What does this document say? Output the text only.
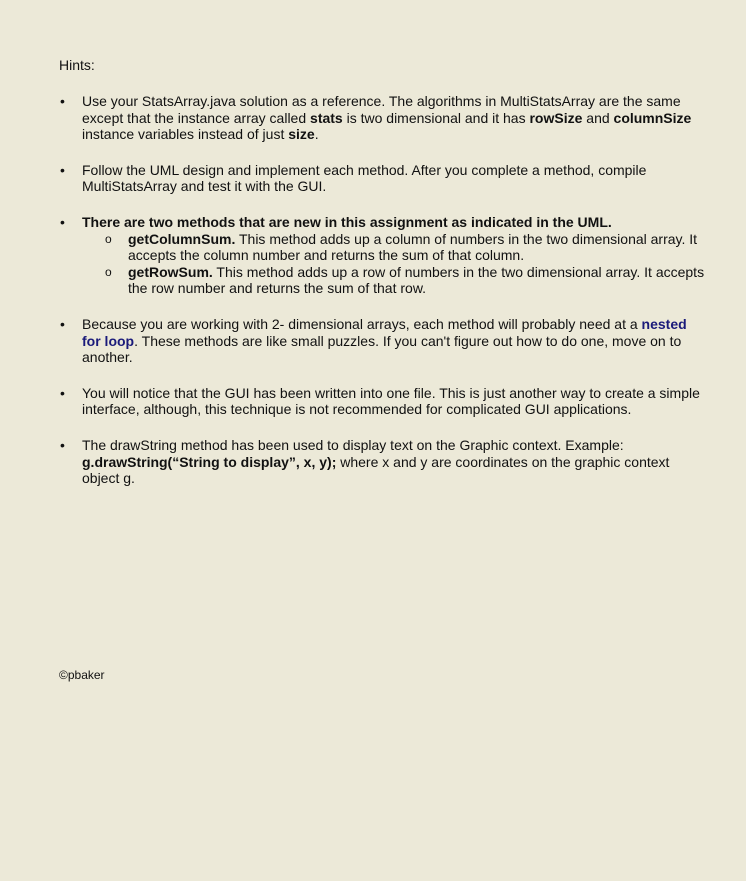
Hints:

•	Use your StatsArray.java solution as a reference. The algorithms in MultiStatsArray are the same except that the instance array called stats is two dimensional and it has rowSize and columnSize instance variables instead of just size.
•	Follow the UML design and implement each method. After you complete a method, compile MultiStatsArray and test it with the GUI.
•	There are two methods that are new in this assignment as indicated in the UML.
o getColumnSum. This method adds up a column of numbers in the two dimensional array. It accepts the column number and returns the sum of that column.
o getRowSum. This method adds up a row of numbers in the two dimensional array. It accepts the row number and returns the sum of that row.
•	Because you are working with 2- dimensional arrays, each method will probably need at a nested for loop. These methods are like small puzzles. If you can't figure out how to do one, move on to another.
•	You will notice that the GUI has been written into one file. This is just another way to create a simple interface, although, this technique is not recommended for complicated GUI applications.
•	The drawString method has been used to display text on the Graphic context. Example: g.drawString(“String to display”, x, y); where x and y are coordinates on the graphic context object g.
©pbaker
